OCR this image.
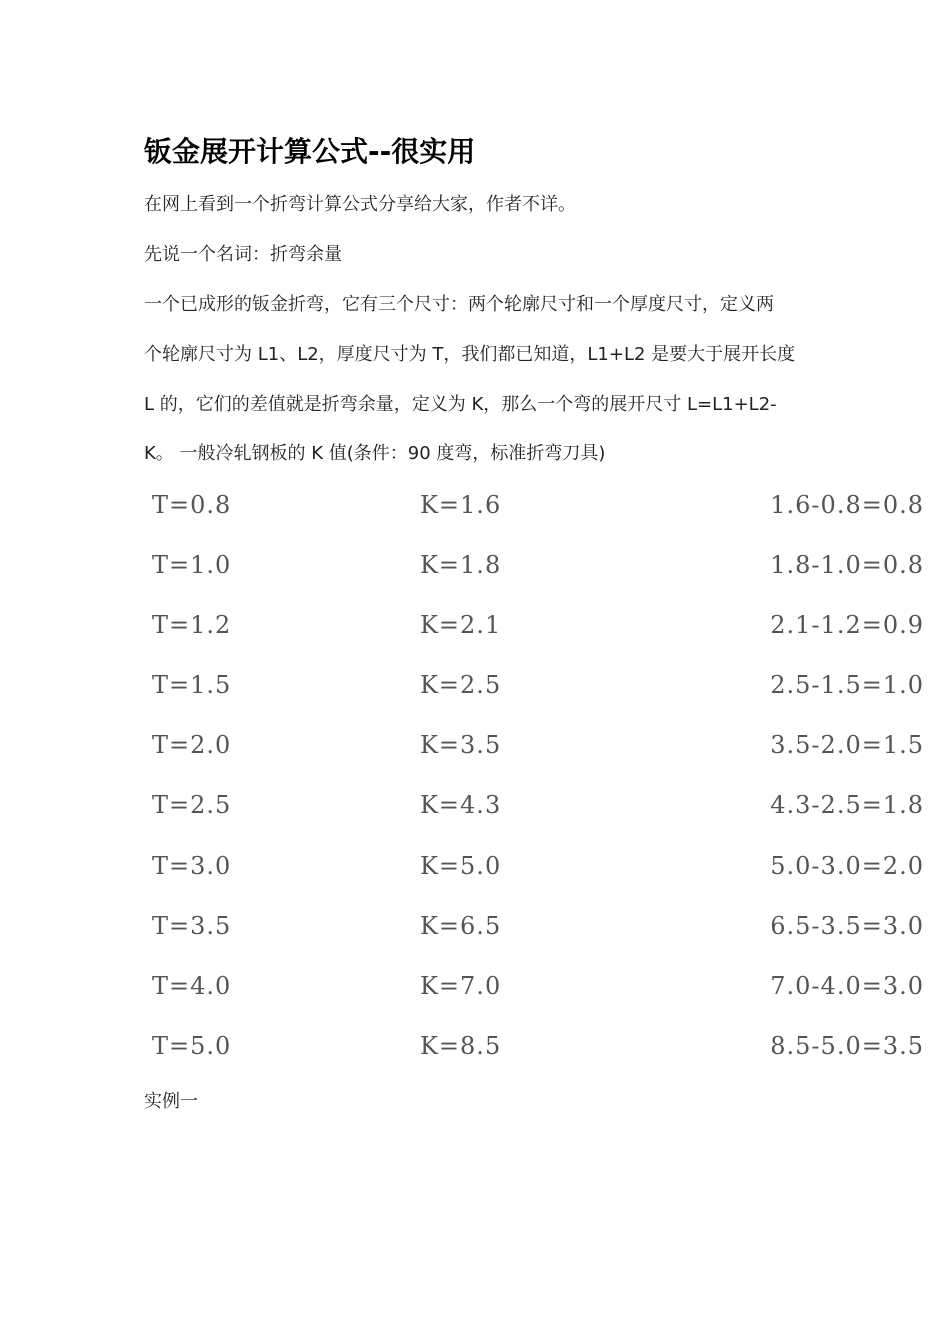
钣金展开计算公式--很实用
在网上看到一个折弯计算公式分享给大家，作者不详。
先说一个名词：折弯余量
一个已成形的钣金折弯，它有三个尺寸：两个轮廓尺寸和一个厚度尺寸，定义两
个轮廓尺寸为 L1、L2，厚度尺寸为 T，我们都已知道，L1+L2 是要大于展开长度
L 的，它们的差值就是折弯余量，定义为 K，那么一个弯的展开尺寸 L=L1+L2-
K。 一般冷轧钢板的 K 值(条件：90 度弯，标准折弯刀具)
T=0.8	K=1.6	1.6-0.8=0.8
T=1.0	K=1.8	1.8-1.0=0.8
T=1.2	K=2.1	2.1-1.2=0.9
T=1.5	K=2.5	2.5-1.5=1.0
T=2.0	K=3.5	3.5-2.0=1.5
T=2.5	K=4.3	4.3-2.5=1.8
T=3.0	K=5.0	5.0-3.0=2.0
T=3.5	K=6.5	6.5-3.5=3.0
T=4.0	K=7.0	7.0-4.0=3.0
T=5.0	K=8.5	8.5-5.0=3.5
实例一
